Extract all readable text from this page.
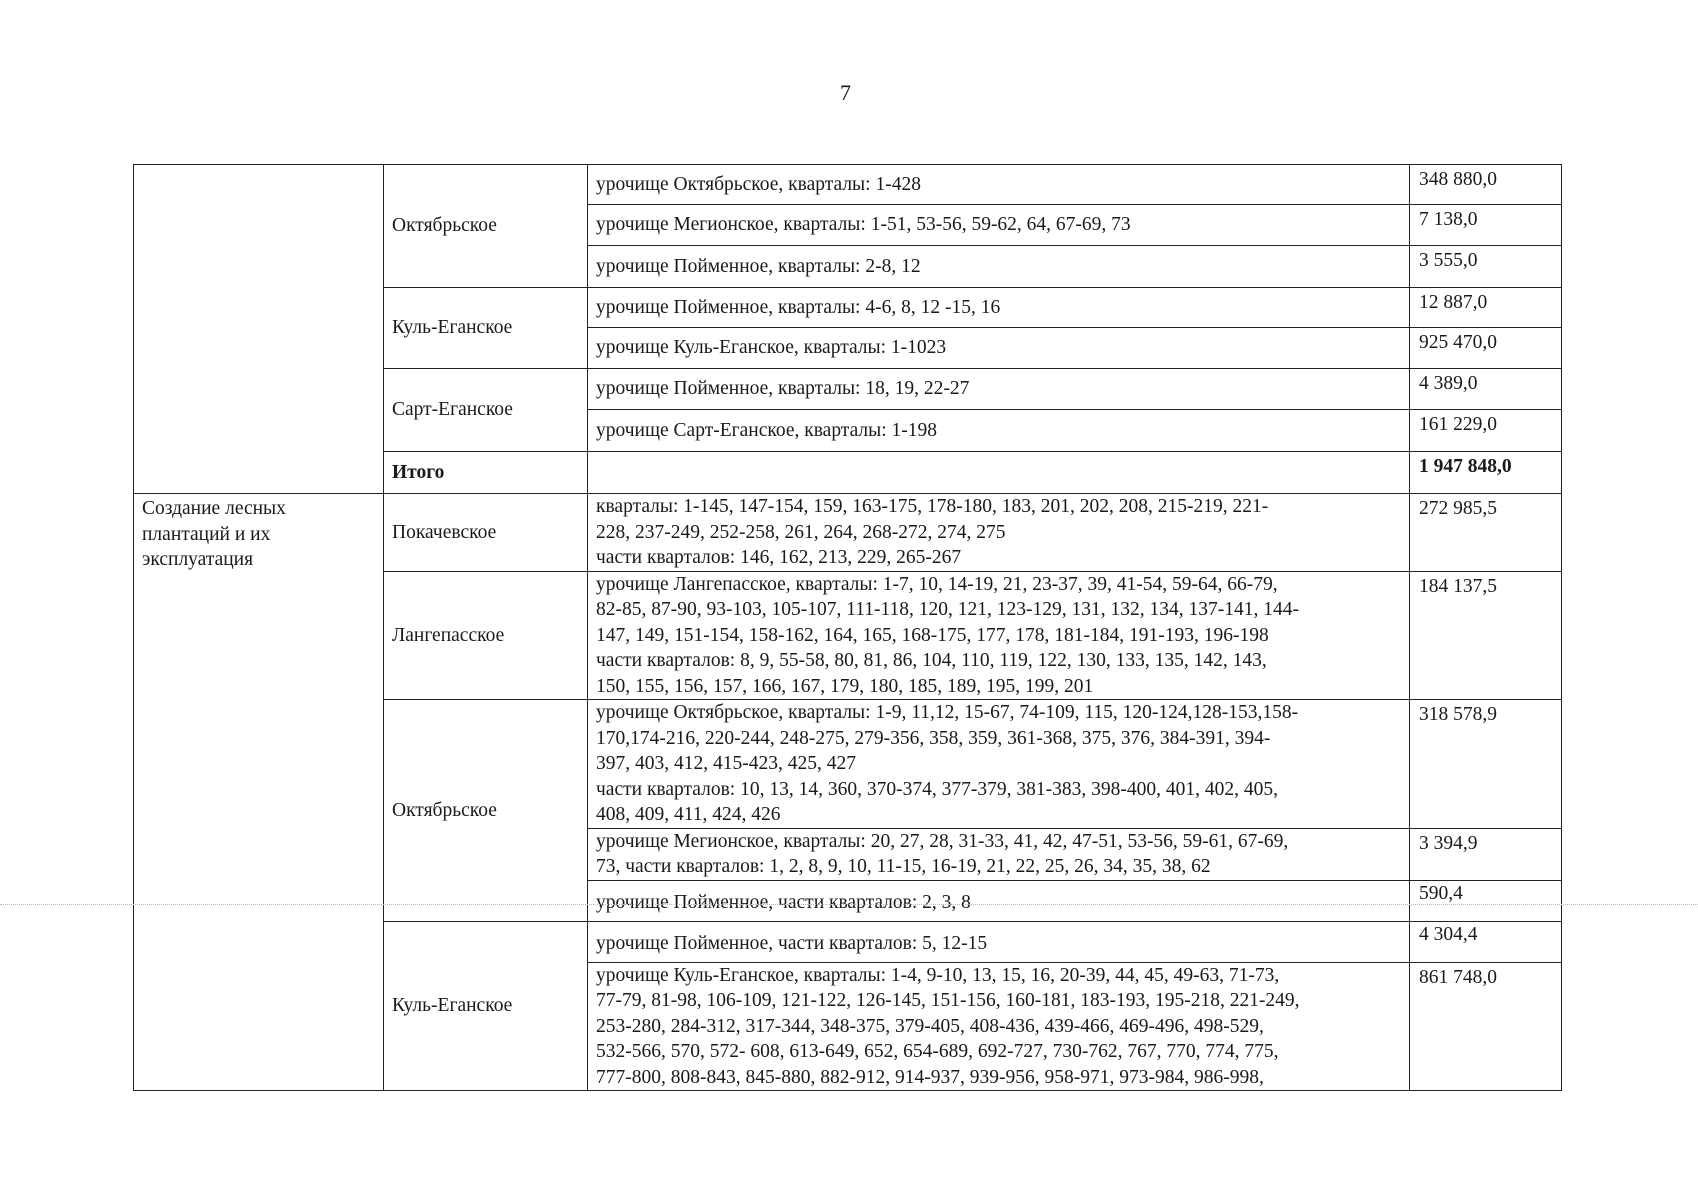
7
	Октябрьское	урочище Октябрьское, кварталы: 1-428	348 880,0

		урочище Мегионское, кварталы: 1-51, 53-56, 59-62, 64, 67-69, 73	7 138,0

		урочище Пойменное, кварталы: 2-8, 12	3 555,0
	Куль-Еганское	урочище Пойменное, кварталы: 4-6, 8, 12 -15, 16	12 887,0

		урочище Куль-Еганское, кварталы: 1-1023	925 470,0
	Сарт-Еганское	урочище Пойменное, кварталы: 18, 19, 22-27	4 389,0

		урочище Сарт-Еганское, кварталы: 1-198	161 229,0
	Итого		1 947 848,0

Создание лесных
плантаций и их
эксплуатация	Покачевское	кварталы: 1-145, 147-154, 159, 163-175, 178-180, 183, 201, 202, 208, 215-219, 221-
228, 237-249, 252-258, 261, 264, 268-272, 274, 275
части кварталов: 146, 162, 213, 229, 265-267	272 985,5
	Лангепасское	урочище Лангепасское, кварталы: 1-7, 10, 14-19, 21, 23-37, 39, 41-54, 59-64, 66-79,
82-85, 87-90, 93-103, 105-107, 111-118, 120, 121, 123-129, 131, 132, 134, 137-141, 144-
147, 149, 151-154, 158-162, 164, 165, 168-175, 177, 178, 181-184, 191-193, 196-198
части кварталов: 8, 9, 55-58, 80, 81, 86, 104, 110, 119, 122, 130, 133, 135, 142, 143,
150, 155, 156, 157, 166, 167, 179, 180, 185, 189, 195, 199, 201	184 137,5
	Октябрьское	урочище Октябрьское, кварталы: 1-9, 11,12, 15-67, 74-109, 115, 120-124,128-153,158-
170,174-216, 220-244, 248-275, 279-356, 358, 359, 361-368, 375, 376, 384-391, 394-
397, 403, 412, 415-423, 425, 427
части кварталов: 10, 13, 14, 360, 370-374, 377-379, 381-383, 398-400, 401, 402, 405,
408, 409, 411, 424, 426	318 578,9

		урочище Мегионское, кварталы: 20, 27, 28, 31-33, 41, 42, 47-51, 53-56, 59-61, 67-69,
73, части кварталов: 1, 2, 8, 9, 10, 11-15, 16-19, 21, 22, 25, 26, 34, 35, 38, 62	3 394,9

		урочище Пойменное, части кварталов: 2, 3, 8	590,4
	Куль-Еганское	урочище Пойменное, части кварталов: 5, 12-15	4 304,4

		урочище Куль-Еганское, кварталы: 1-4, 9-10, 13, 15, 16, 20-39, 44, 45, 49-63, 71-73,
77-79, 81-98, 106-109, 121-122, 126-145, 151-156, 160-181, 183-193, 195-218, 221-249,
253-280, 284-312, 317-344, 348-375, 379-405, 408-436, 439-466, 469-496, 498-529,
532-566, 570, 572- 608, 613-649, 652, 654-689, 692-727, 730-762, 767, 770, 774, 775,
777-800, 808-843, 845-880, 882-912, 914-937, 939-956, 958-971, 973-984, 986-998,	861 748,0
